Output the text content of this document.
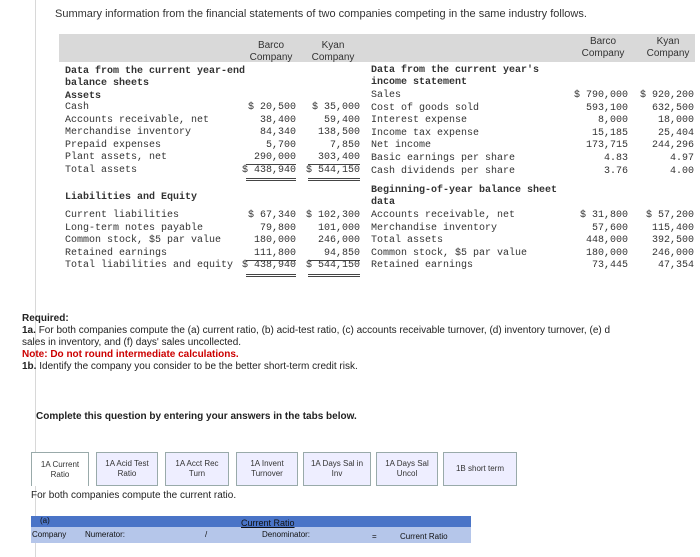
Summary information from the financial statements of two companies competing in the same industry follows.
Barco
Company
Kyan
Company
Barco
Company
Kyan
Company
Data from the current year-end
balance sheets
Assets
Cash	$ 20,500	$ 35,000
Accounts receivable, net	38,400	59,400
Merchandise inventory	84,340	138,500
Prepaid expenses	5,700	7,850
Plant assets, net	290,000	303,400
Total assets	$ 438,940 $ 544,150
Liabilities and Equity
Current liabilities	$ 67,340 $ 102,300
Long-term notes payable	79,800	101,000
Common stock, $5 par value	180,000	246,000
Retained earnings	111,800	94,850
Total liabilities and equity $ 438,940 $ 544,150
Data from the current year's
income statement
Sales	$ 790,000	$ 920,200
Cost of goods sold	593,100	632,500
Interest expense	8,000	18,000
Income tax expense	15,185	25,404
Net income	173,715	244,296
Basic earnings per share	4.83	4.97
Cash dividends per share	3.76	4.00
Beginning-of-year balance sheet
data
Accounts receivable, net	$ 31,800	$ 57,200
Merchandise inventory	57,600	115,400
Total assets	448,000	392,500
Common stock, $5 par value	180,000	246,000
Retained earnings	73,445	47,354
Required:
1a. For both companies compute the (a) current ratio, (b) acid-test ratio, (c) accounts receivable turnover, (d) inventory turnover, (e) d
sales in inventory, and (f) days' sales uncollected.
Note: Do not round intermediate calculations.
1b. Identify the company you consider to be the better short-term credit risk.
Complete this question by entering your answers in the tabs below.
1A Current
Ratio
1A Acid Test
Ratio
1A Acct Rec
Turn
1A Invent
Turnover
1A Days Sal in
Inv
1A Days Sal
Uncol
1B short term
For both companies compute the current ratio.
(a)	Current Ratio
Company Numerator:	/	Denominator:	=	Current Ratio
